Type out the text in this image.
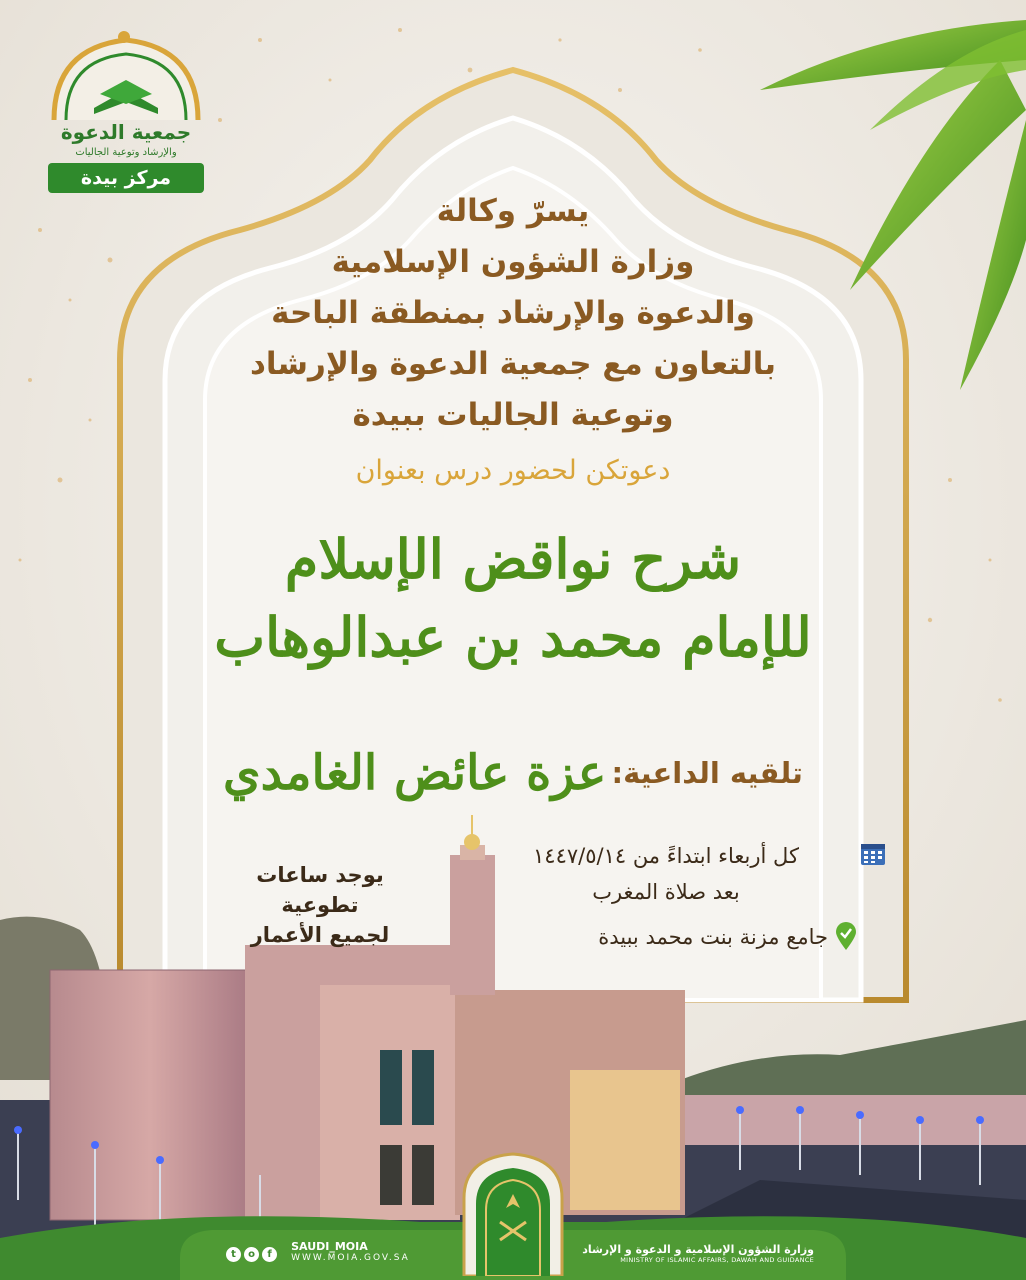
جمعية الدعوة
والإرشاد وتوعية الجاليات
مركز بيدة
يسرّ وكالة
وزارة الشؤون الإسلامية
والدعوة والإرشاد بمنطقة الباحة
بالتعاون مع جمعية الدعوة والإرشاد
وتوعية الجاليات ببيدة
دعوتكن لحضور درس بعنوان
شرح نواقض الإسلام
للإمام محمد بن عبدالوهاب
تلقيه الداعية: عزة عائض الغامدي
كل أربعاء ابتداءً من ١٤٤٧/٥/١٤
بعد صلاة المغرب
جامع مزنة بنت محمد ببيدة
يوجد ساعات تطوعية
لجميع الأعمار
t o f
SAUDI_MOIA
WWW.MOIA.GOV.SA
وزارة الشؤون الإسلامية و الدعوة و الإرشاد
MINISTRY OF ISLAMIC AFFAIRS, DAWAH AND GUIDANCE
